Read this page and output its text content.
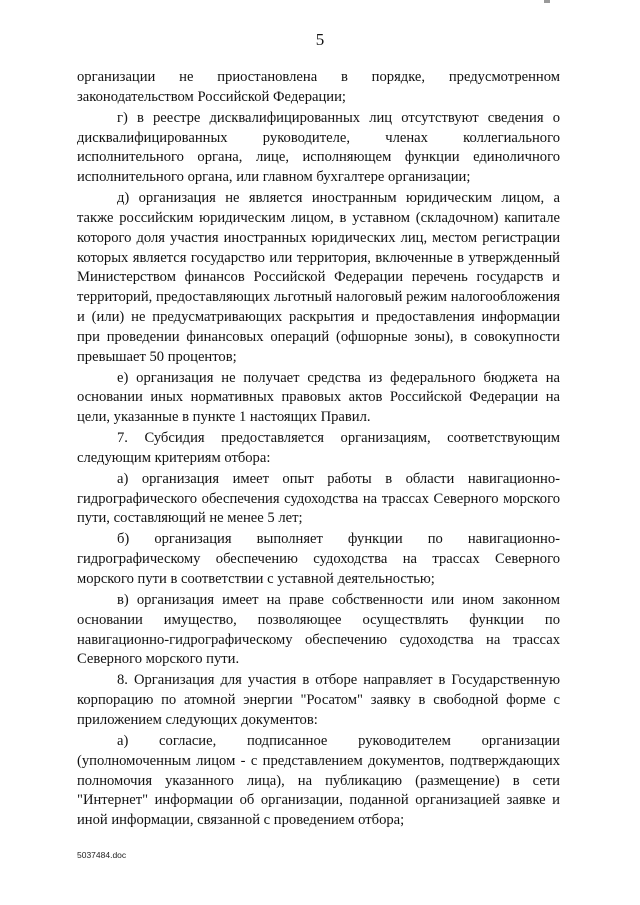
5

организации не приостановлена в порядке, предусмотренном законодательством Российской Федерации;

г) в реестре дисквалифицированных лиц отсутствуют сведения о дисквалифицированных руководителе, членах коллегиального исполнительного органа, лице, исполняющем функции единоличного исполнительного органа, или главном бухгалтере организации;

д) организация не является иностранным юридическим лицом, а также российским юридическим лицом, в уставном (складочном) капитале которого доля участия иностранных юридических лиц, местом регистрации которых является государство или территория, включенные в утвержденный Министерством финансов Российской Федерации перечень государств и территорий, предоставляющих льготный налоговый режим налогообложения и (или) не предусматривающих раскрытия и предоставления информации при проведении финансовых операций (офшорные зоны), в совокупности превышает 50 процентов;

е) организация не получает средства из федерального бюджета на основании иных нормативных правовых актов Российской Федерации на цели, указанные в пункте 1 настоящих Правил.

7. Субсидия предоставляется организациям, соответствующим следующим критериям отбора:

а) организация имеет опыт работы в области навигационно-гидрографического обеспечения судоходства на трассах Северного морского пути, составляющий не менее 5 лет;

б) организация выполняет функции по навигационно-гидрографическому обеспечению судоходства на трассах Северного морского пути в соответствии с уставной деятельностью;

в) организация имеет на праве собственности или ином законном основании имущество, позволяющее осуществлять функции по навигационно-гидрографическому обеспечению судоходства на трассах Северного морского пути.

8. Организация для участия в отборе направляет в Государственную корпорацию по атомной энергии "Росатом" заявку в свободной форме с приложением следующих документов:

а) согласие, подписанное руководителем организации (уполномоченным лицом - с представлением документов, подтверждающих полномочия указанного лица), на публикацию (размещение) в сети "Интернет" информации об организации, поданной организацией заявке и иной информации, связанной с проведением отбора;

5037484.doc
